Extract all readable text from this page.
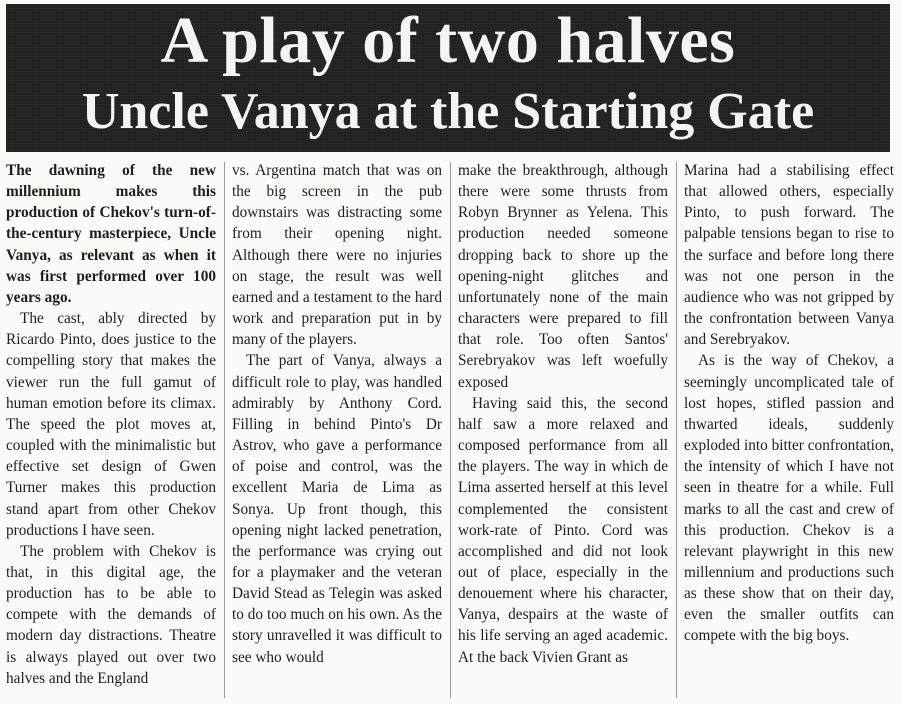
A play of two halves
Uncle Vanya at the Starting Gate

The dawning of the new millennium makes this production of Chekov's turn-of-the-century masterpiece, Uncle Vanya, as relevant as when it was first performed over 100 years ago.

The cast, ably directed by Ricardo Pinto, does justice to the compelling story that makes the viewer run the full gamut of human emotion before its climax. The speed the plot moves at, coupled with the minimalistic but effective set design of Gwen Turner makes this production stand apart from other Chekov productions I have seen.

The problem with Chekov is that, in this digital age, the production has to be able to compete with the demands of modern day distractions. Theatre is always played out over two halves and the England

vs. Argentina match that was on the big screen in the pub downstairs was distracting some from their opening night. Although there were no injuries on stage, the result was well earned and a testament to the hard work and preparation put in by many of the players.

The part of Vanya, always a difficult role to play, was handled admirably by Anthony Cord. Filling in behind Pinto's Dr Astrov, who gave a performance of poise and control, was the excellent Maria de Lima as Sonya. Up front though, this opening night lacked penetration, the performance was crying out for a playmaker and the veteran David Stead as Telegin was asked to do too much on his own. As the story unravelled it was difficult to see who would

make the breakthrough, although there were some thrusts from Robyn Brynner as Yelena. This production needed someone dropping back to shore up the opening-night glitches and unfortunately none of the main characters were prepared to fill that role. Too often Santos' Serebryakov was left woefully exposed

Having said this, the second half saw a more relaxed and composed performance from all the players. The way in which de Lima asserted herself at this level complemented the consistent work-rate of Pinto. Cord was accomplished and did not look out of place, especially in the denouement where his character, Vanya, despairs at the waste of his life serving an aged academic. At the back Vivien Grant as

Marina had a stabilising effect that allowed others, especially Pinto, to push forward. The palpable tensions began to rise to the surface and before long there was not one person in the audience who was not gripped by the confrontation between Vanya and Serebryakov.

As is the way of Chekov, a seemingly uncomplicated tale of lost hopes, stifled passion and thwarted ideals, suddenly exploded into bitter confrontation, the intensity of which I have not seen in theatre for a while. Full marks to all the cast and crew of this production. Chekov is a relevant playwright in this new millennium and productions such as these show that on their day, even the smaller outfits can compete with the big boys.
